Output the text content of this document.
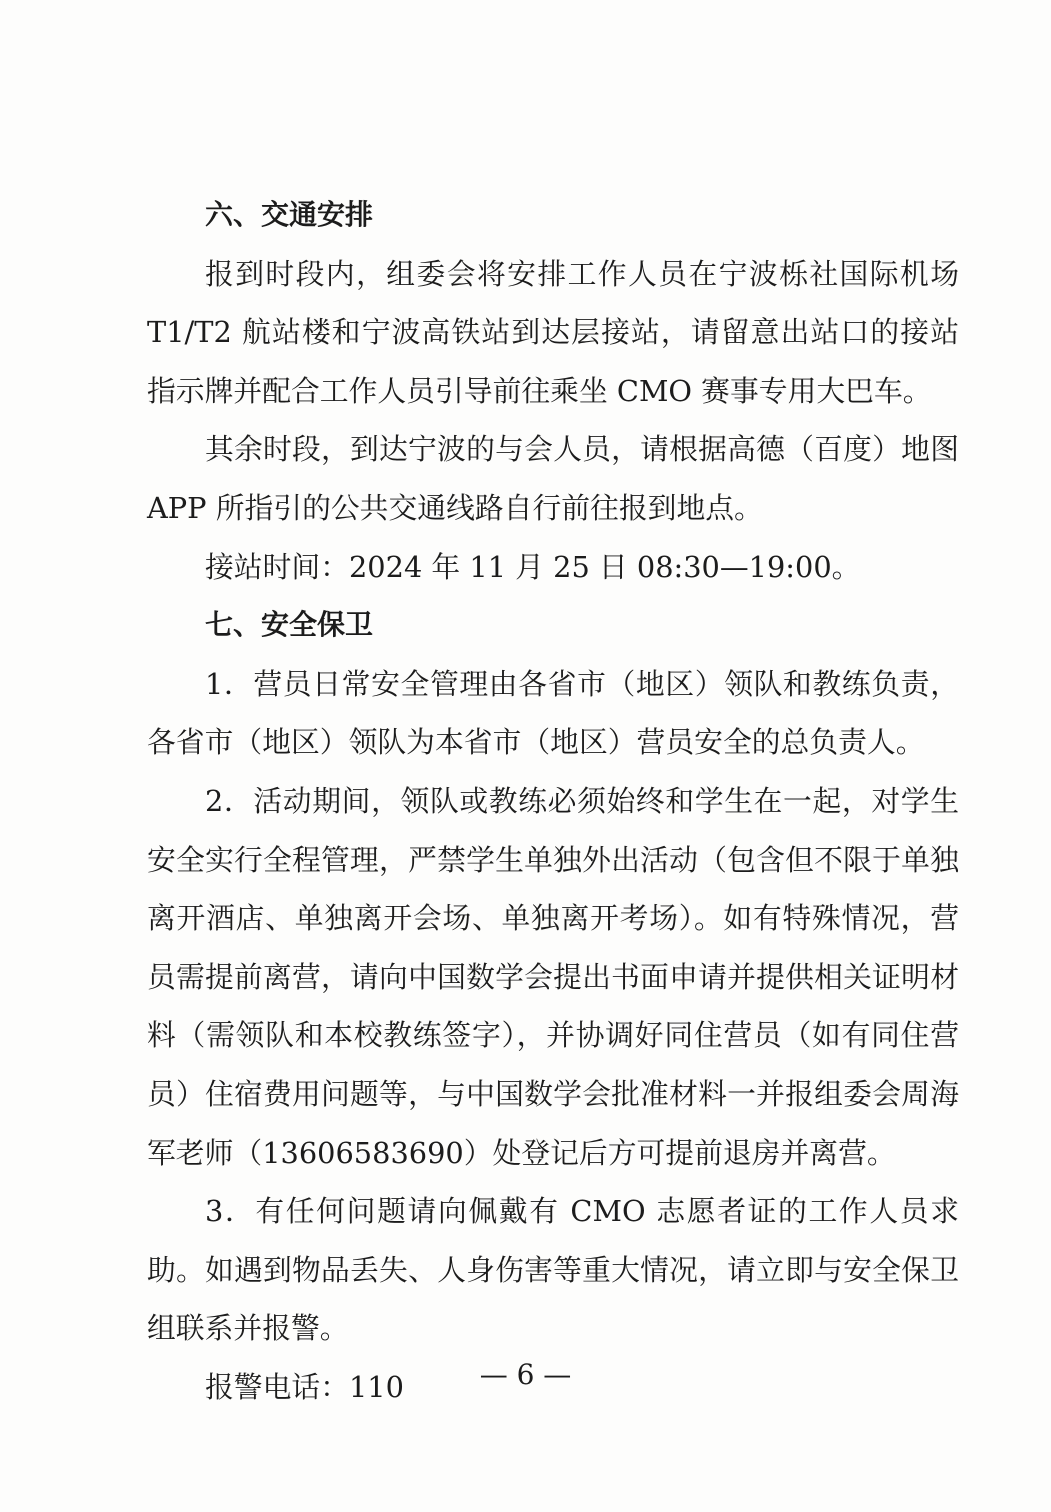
六、交通安排

报到时段内，组委会将安排工作人员在宁波栎社国际机场T1/T2 航站楼和宁波高铁站到达层接站，请留意出站口的接站指示牌并配合工作人员引导前往乘坐 CMO 赛事专用大巴车。

其余时段，到达宁波的与会人员，请根据高德（百度）地图APP 所指引的公共交通线路自行前往报到地点。

接站时间：2024 年 11 月 25 日 08:30—19:00。

七、安全保卫

1．营员日常安全管理由各省市（地区）领队和教练负责，各省市（地区）领队为本省市（地区）营员安全的总负责人。

2．活动期间，领队或教练必须始终和学生在一起，对学生安全实行全程管理，严禁学生单独外出活动（包含但不限于单独离开酒店、单独离开会场、单独离开考场）。如有特殊情况，营员需提前离营，请向中国数学会提出书面申请并提供相关证明材料（需领队和本校教练签字），并协调好同住营员（如有同住营员）住宿费用问题等，与中国数学会批准材料一并报组委会周海军老师（13606583690）处登记后方可提前退房并离营。

3．有任何问题请向佩戴有 CMO 志愿者证的工作人员求助。如遇到物品丢失、人身伤害等重大情况，请立即与安全保卫组联系并报警。

报警电话：110	— 6 —
